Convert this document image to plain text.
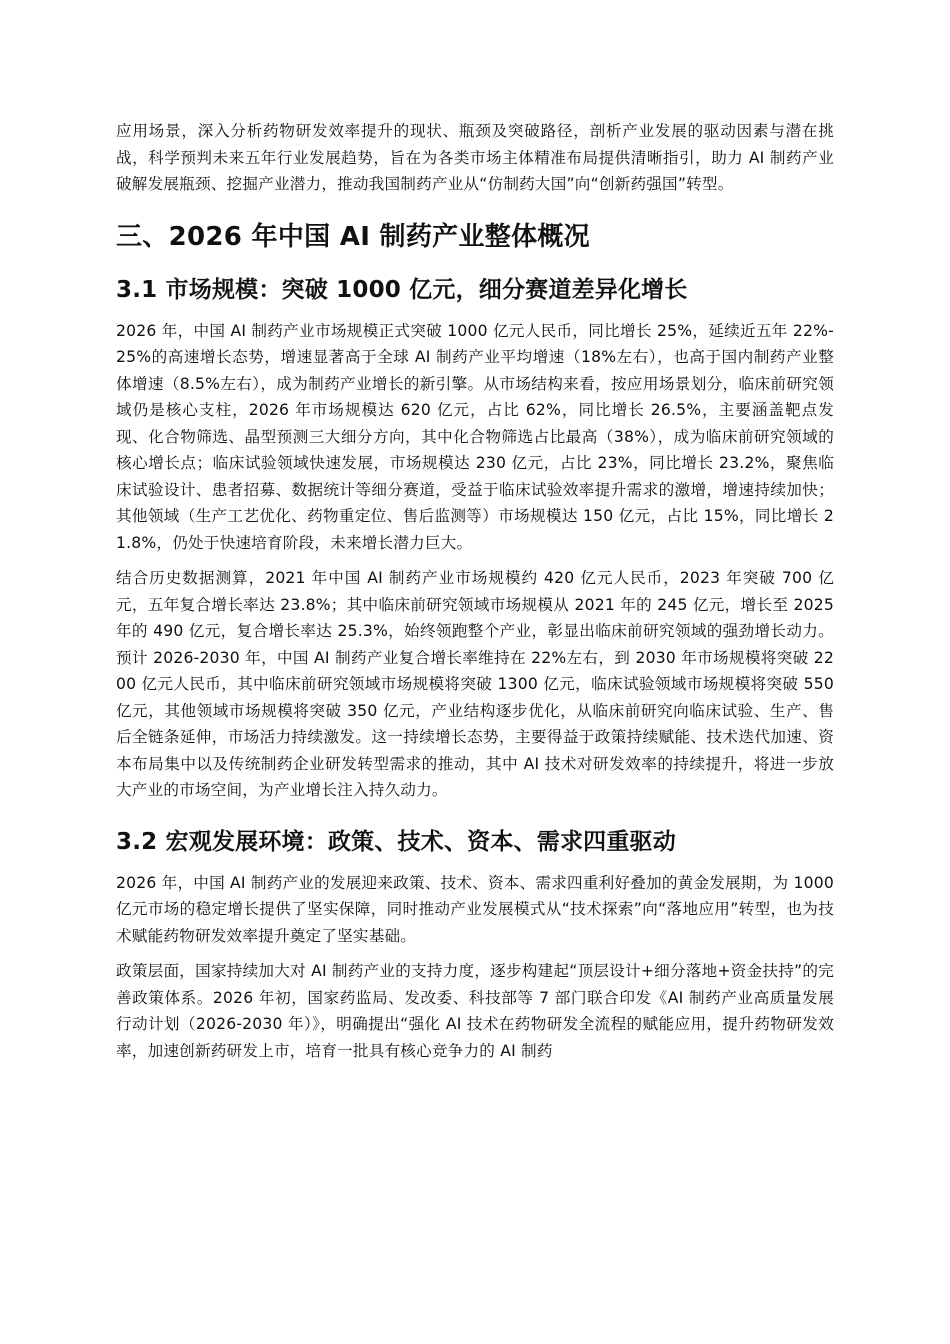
应用场景，深入分析药物研发效率提升的现状、瓶颈及突破路径，剖析产业发展的驱动因素与潜在挑战，科学预判未来五年行业发展趋势，旨在为各类市场主体精准布局提供清晰指引，助力 AI 制药产业破解发展瓶颈、挖掘产业潜力，推动我国制药产业从“仿制药大国”向“创新药强国”转型。

三、2026 年中国 AI 制药产业整体概况
3.1 市场规模：突破 1000 亿元，细分赛道差异化增长

2026 年，中国 AI 制药产业市场规模正式突破 1000 亿元人民币，同比增长 25%，延续近五年 22%-25%的高速增长态势，增速显著高于全球 AI 制药产业平均增速（18%左右），也高于国内制药产业整体增速（8.5%左右），成为制药产业增长的新引擎。从市场结构来看，按应用场景划分，临床前研究领域仍是核心支柱，2026 年市场规模达 620 亿元，占比 62%，同比增长 26.5%，主要涵盖靶点发现、化合物筛选、晶型预测三大细分方向，其中化合物筛选占比最高（38%），成为临床前研究领域的核心增长点；临床试验领域快速发展，市场规模达 230 亿元，占比 23%，同比增长 23.2%，聚焦临床试验设计、患者招募、数据统计等细分赛道，受益于临床试验效率提升需求的激增，增速持续加快；其他领域（生产工艺优化、药物重定位、售后监测等）市场规模达 150 亿元，占比 15%，同比增长 21.8%，仍处于快速培育阶段，未来增长潜力巨大。

结合历史数据测算，2021 年中国 AI 制药产业市场规模约 420 亿元人民币，2023 年突破 700 亿元，五年复合增长率达 23.8%；其中临床前研究领域市场规模从 2021 年的 245 亿元，增长至 2025 年的 490 亿元，复合增长率达 25.3%，始终领跑整个产业，彰显出临床前研究领域的强劲增长动力。预计 2026-2030 年，中国 AI 制药产业复合增长率维持在 22%左右，到 2030 年市场规模将突破 2200 亿元人民币，其中临床前研究领域市场规模将突破 1300 亿元，临床试验领域市场规模将突破 550 亿元，其他领域市场规模将突破 350 亿元，产业结构逐步优化，从临床前研究向临床试验、生产、售后全链条延伸，市场活力持续激发。这一持续增长态势，主要得益于政策持续赋能、技术迭代加速、资本布局集中以及传统制药企业研发转型需求的推动，其中 AI 技术对研发效率的持续提升，将进一步放大产业的市场空间，为产业增长注入持久动力。

3.2 宏观发展环境：政策、技术、资本、需求四重驱动

2026 年，中国 AI 制药产业的发展迎来政策、技术、资本、需求四重利好叠加的黄金发展期，为 1000 亿元市场的稳定增长提供了坚实保障，同时推动产业发展模式从“技术探索”向“落地应用”转型，也为技术赋能药物研发效率提升奠定了坚实基础。

政策层面，国家持续加大对 AI 制药产业的支持力度，逐步构建起“顶层设计+细分落地+资金扶持”的完善政策体系。2026 年初，国家药监局、发改委、科技部等 7 部门联合印发《AI 制药产业高质量发展行动计划（2026-2030 年）》，明确提出“强化 AI 技术在药物研发全流程的赋能应用，提升药物研发效率，加速创新药研发上市，培育一批具有核心竞争力的 AI 制药
